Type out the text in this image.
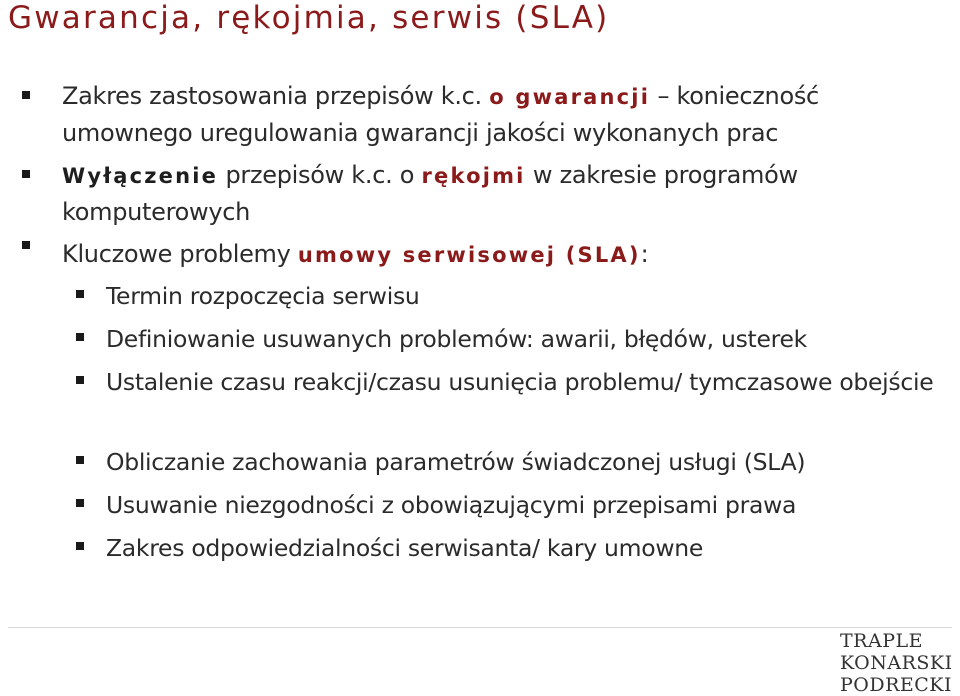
Gwarancja, rękojmia, serwis (SLA)
Zakres zastosowania przepisów k.c. o gwarancji – konieczność umownego uregulowania gwarancji jakości wykonanych prac
Wyłączenie przepisów k.c. o rękojmi w zakresie programów komputerowych
Kluczowe problemy umowy serwisowej (SLA):
Termin rozpoczęcia serwisu
Definiowanie usuwanych problemów: awarii, błędów, usterek
Ustalenie czasu reakcji/czasu usunięcia problemu/ tymczasowe obejście
Obliczanie zachowania parametrów świadczonej usługi (SLA)
Usuwanie niezgodności z obowiązującymi przepisami prawa
Zakres odpowiedzialności serwisanta/ kary umowne
TRAPLE
KONARSKI
PODRECKI
